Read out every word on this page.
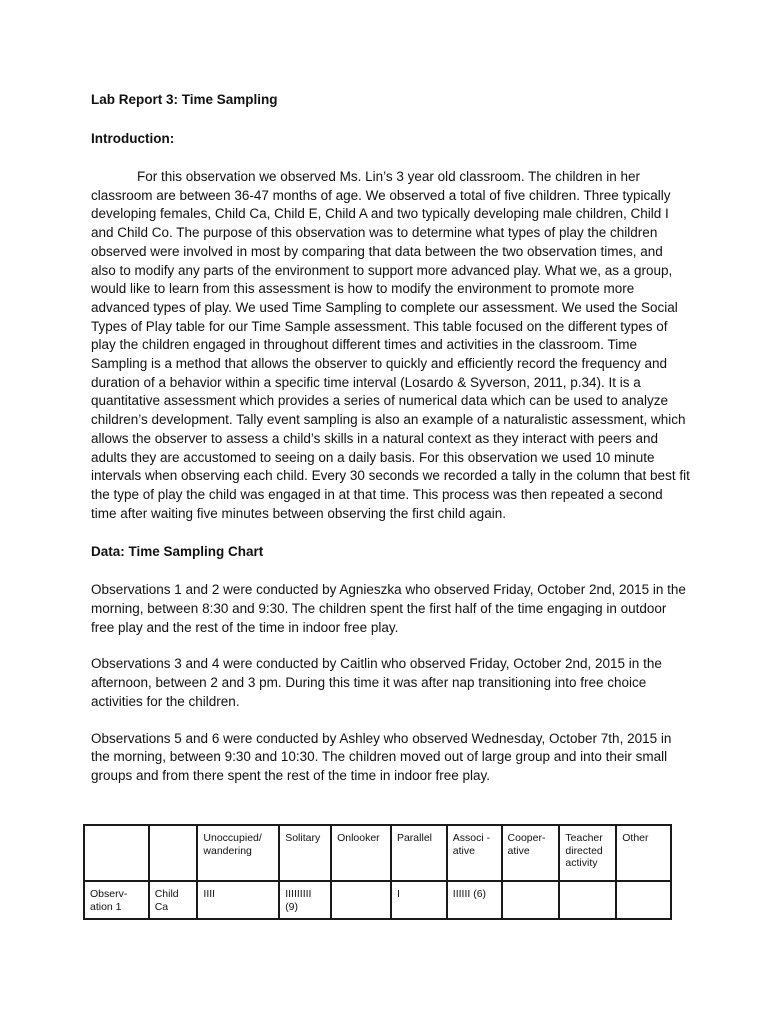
Lab Report 3: Time Sampling
Introduction:

For this observation we observed Ms. Lin’s 3 year old classroom. The children in her classroom are between 36-47 months of age. We observed a total of five children. Three typically developing females, Child Ca, Child E, Child A and two typically developing male children, Child I and Child Co. The purpose of this observation was to determine what types of play the children observed were involved in most by comparing that data between the two observation times, and also to modify any parts of the environment to support more advanced play. What we, as a group, would like to learn from this assessment is how to modify the environment to promote more advanced types of play. We used Time Sampling to complete our assessment. We used the Social Types of Play table for our Time Sample assessment. This table focused on the different types of play the children engaged in throughout different times and activities in the classroom. Time Sampling is a method that allows the observer to quickly and efficiently record the frequency and duration of a behavior within a specific time interval (Losardo & Syverson, 2011, p.34). It is a quantitative assessment which provides a series of numerical data which can be used to analyze children’s development. Tally event sampling is also an example of a naturalistic assessment, which allows the observer to assess a child’s skills in a natural context as they interact with peers and adults they are accustomed to seeing on a daily basis. For this observation we used 10 minute intervals when observing each child. Every 30 seconds we recorded a tally in the column that best fit the type of play the child was engaged in at that time. This process was then repeated a second time after waiting five minutes between observing the first child again.

Data: Time Sampling Chart

Observations 1 and 2 were conducted by Agnieszka who observed Friday, October 2nd, 2015 in the morning, between 8:30 and 9:30. The children spent the first half of the time engaging in outdoor free play and the rest of the time in indoor free play.

Observations 3 and 4 were conducted by Caitlin who observed Friday, October 2nd, 2015 in the afternoon, between 2 and 3 pm. During this time it was after nap transitioning into free choice activities for the children.

Observations 5 and 6 were conducted by Ashley who observed Wednesday, October 7th, 2015 in the morning, between 9:30 and 10:30. The children moved out of large group and into their small groups and from there spent the rest of the time in indoor free play.

		Unoccupied/ wandering	Solitary	Onlooker	Parallel	Associ -ative	Cooper- ative	Teacher directed activity	Other
Observ- ation 1	Child Ca	IIII	IIIIIIIII (9)		I	IIIIII (6)			
